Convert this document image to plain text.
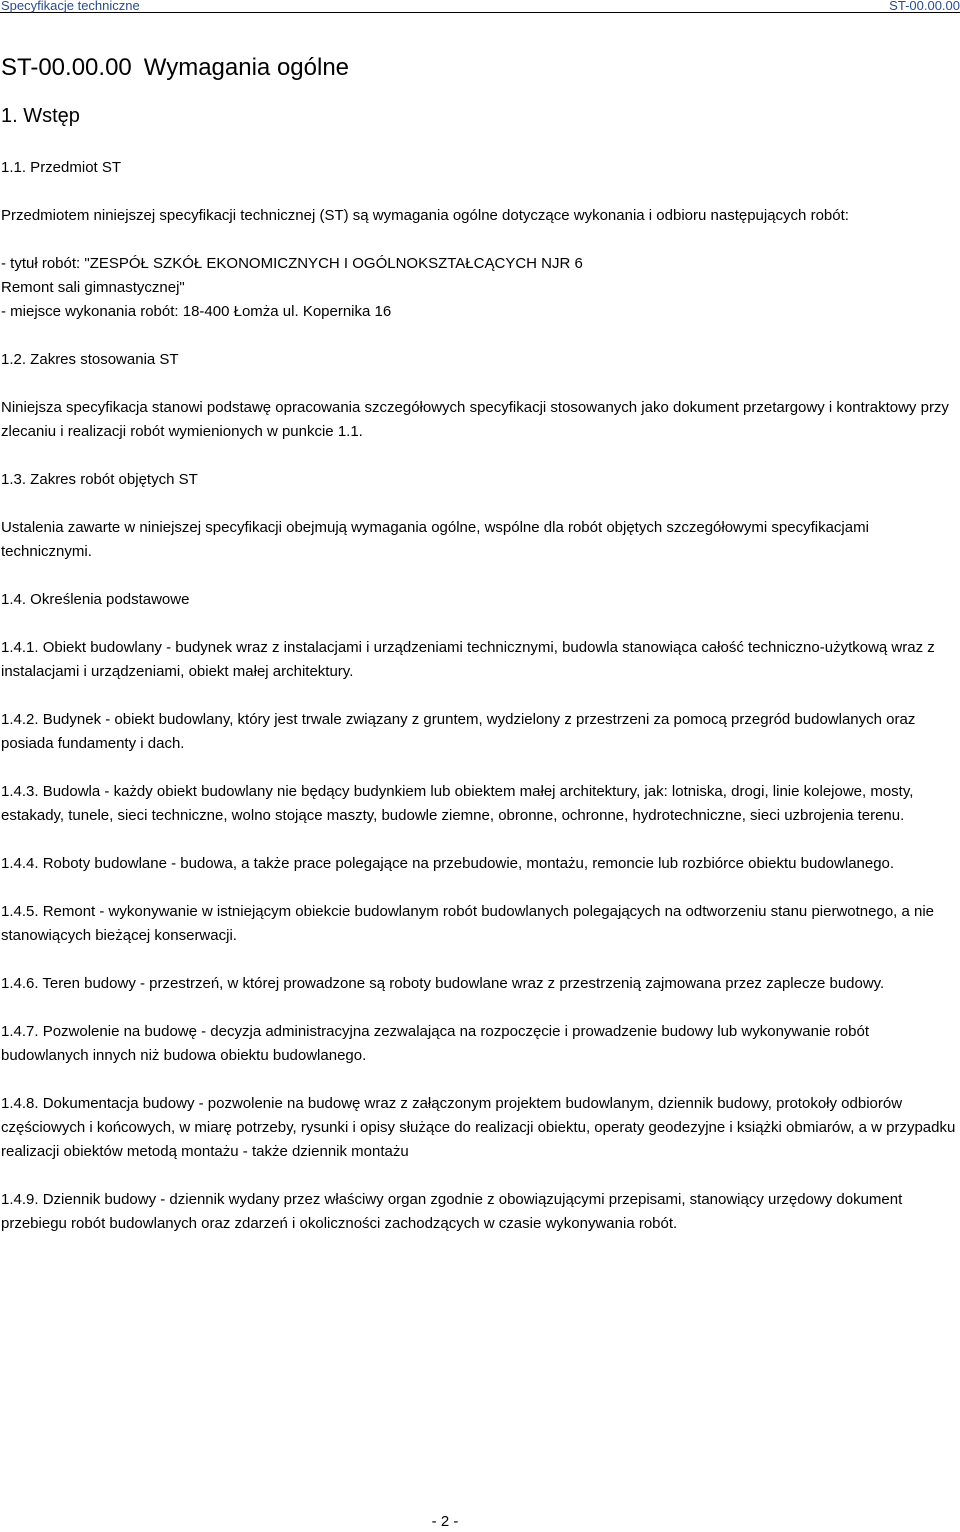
Specyfikacje techniczne	ST-00.00.00
ST-00.00.00 Wymagania ogólne
1. Wstęp
1.1. Przedmiot ST
Przedmiotem niniejszej specyfikacji technicznej (ST) są wymagania ogólne dotyczące wykonania i odbioru następujących robót:
- tytuł robót: "ZESPÓŁ SZKÓŁ EKONOMICZNYCH I OGÓLNOKSZTAŁCĄCYCH NJR 6
Remont sali gimnastycznej"
- miejsce wykonania robót: 18-400 Łomża ul. Kopernika 16
1.2. Zakres stosowania ST
Niniejsza specyfikacja stanowi podstawę opracowania szczegółowych specyfikacji stosowanych jako dokument przetargowy i kontraktowy przy zlecaniu i realizacji robót wymienionych w punkcie 1.1.
1.3. Zakres robót objętych ST
Ustalenia zawarte w niniejszej specyfikacji obejmują wymagania ogólne, wspólne dla robót objętych szczegółowymi specyfikacjami technicznymi.
1.4. Określenia podstawowe
1.4.1. Obiekt budowlany - budynek wraz z instalacjami i urządzeniami technicznymi, budowla stanowiąca całość techniczno-użytkową wraz z instalacjami i urządzeniami, obiekt małej architektury.
1.4.2. Budynek - obiekt budowlany, który jest trwale związany z gruntem, wydzielony z przestrzeni za pomocą przegród budowlanych oraz posiada fundamenty i dach.
1.4.3. Budowla - każdy obiekt budowlany nie będący budynkiem lub obiektem małej architektury, jak: lotniska, drogi, linie kolejowe, mosty, estakady, tunele, sieci techniczne, wolno stojące maszty, budowle ziemne, obronne, ochronne, hydrotechniczne, sieci uzbrojenia terenu.
1.4.4. Roboty budowlane - budowa, a także prace polegające na przebudowie, montażu, remoncie lub rozbiórce obiektu budowlanego.
1.4.5. Remont - wykonywanie w istniejącym obiekcie budowlanym robót budowlanych polegających na odtworzeniu stanu pierwotnego, a nie stanowiących bieżącej konserwacji.
1.4.6. Teren budowy - przestrzeń, w której prowadzone są roboty budowlane wraz z przestrzenią zajmowana przez zaplecze budowy.
1.4.7. Pozwolenie na budowę - decyzja administracyjna zezwalająca na rozpoczęcie i prowadzenie budowy lub wykonywanie robót budowlanych innych niż budowa obiektu budowlanego.
1.4.8. Dokumentacja budowy - pozwolenie na budowę wraz z załączonym projektem budowlanym, dziennik budowy, protokoły odbiorów częściowych i końcowych, w miarę potrzeby, rysunki i opisy służące do realizacji obiektu, operaty geodezyjne i książki obmiarów, a w przypadku realizacji obiektów metodą montażu - także dziennik montażu
1.4.9. Dziennik budowy - dziennik wydany przez właściwy organ zgodnie z obowiązującymi przepisami, stanowiący urzędowy dokument przebiegu robót budowlanych oraz zdarzeń i okoliczności zachodzących w czasie wykonywania robót.
- 2 -
